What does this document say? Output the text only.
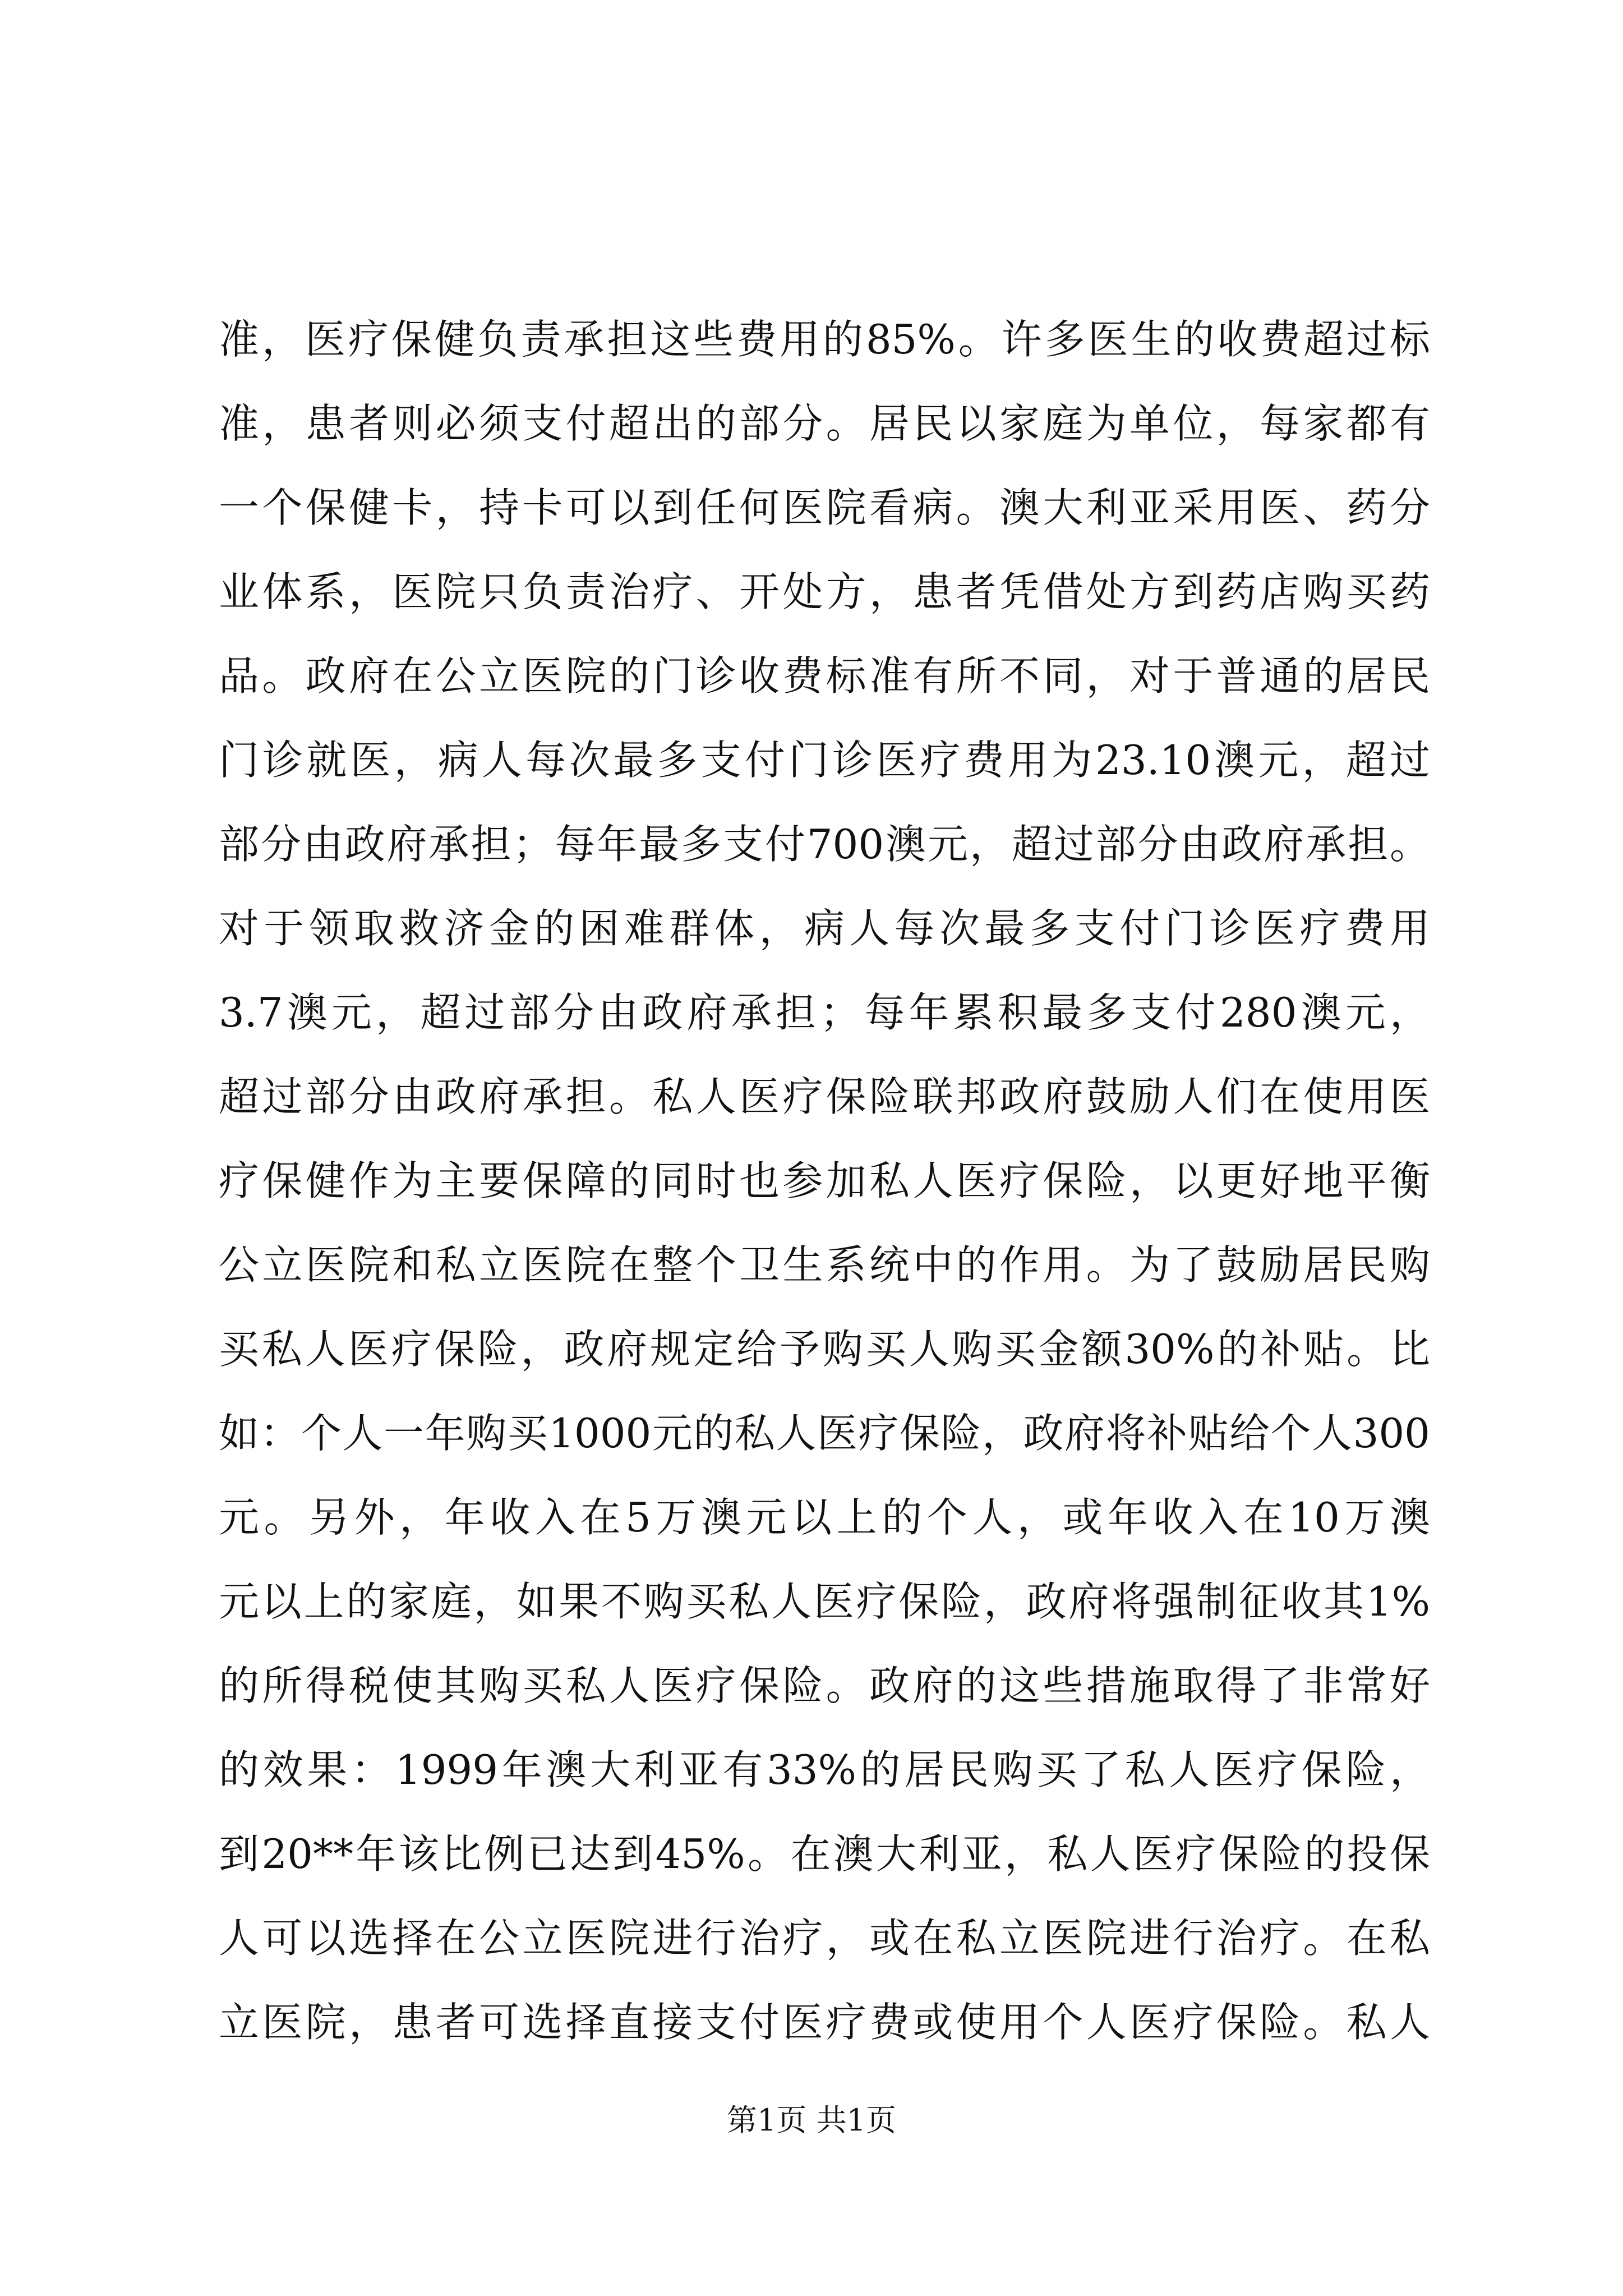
准，医疗保健负责承担这些费用的85%。许多医生的收费超过标
准，患者则必须支付超出的部分。居民以家庭为单位，每家都有
一个保健卡，持卡可以到任何医院看病。澳大利亚采用医、药分
业体系，医院只负责治疗、开处方，患者凭借处方到药店购买药
品。政府在公立医院的门诊收费标准有所不同，对于普通的居民
门诊就医，病人每次最多支付门诊医疗费用为23.10澳元，超过
部分由政府承担；每年最多支付700澳元，超过部分由政府承担。
对于领取救济金的困难群体，病人每次最多支付门诊医疗费用
3.7澳元，超过部分由政府承担；每年累积最多支付280澳元，
超过部分由政府承担。私人医疗保险联邦政府鼓励人们在使用医
疗保健作为主要保障的同时也参加私人医疗保险，以更好地平衡
公立医院和私立医院在整个卫生系统中的作用。为了鼓励居民购
买私人医疗保险，政府规定给予购买人购买金额30%的补贴。比
如：个人一年购买1000元的私人医疗保险，政府将补贴给个人300
元。另外，年收入在5万澳元以上的个人，或年收入在10万澳
元以上的家庭，如果不购买私人医疗保险，政府将强制征收其1%
的所得税使其购买私人医疗保险。政府的这些措施取得了非常好
的效果：1999年澳大利亚有33%的居民购买了私人医疗保险，
到20**年该比例已达到45%。在澳大利亚，私人医疗保险的投保
人可以选择在公立医院进行治疗，或在私立医院进行治疗。在私
立医院，患者可选择直接支付医疗费或使用个人医疗保险。私人
第1页 共1页
